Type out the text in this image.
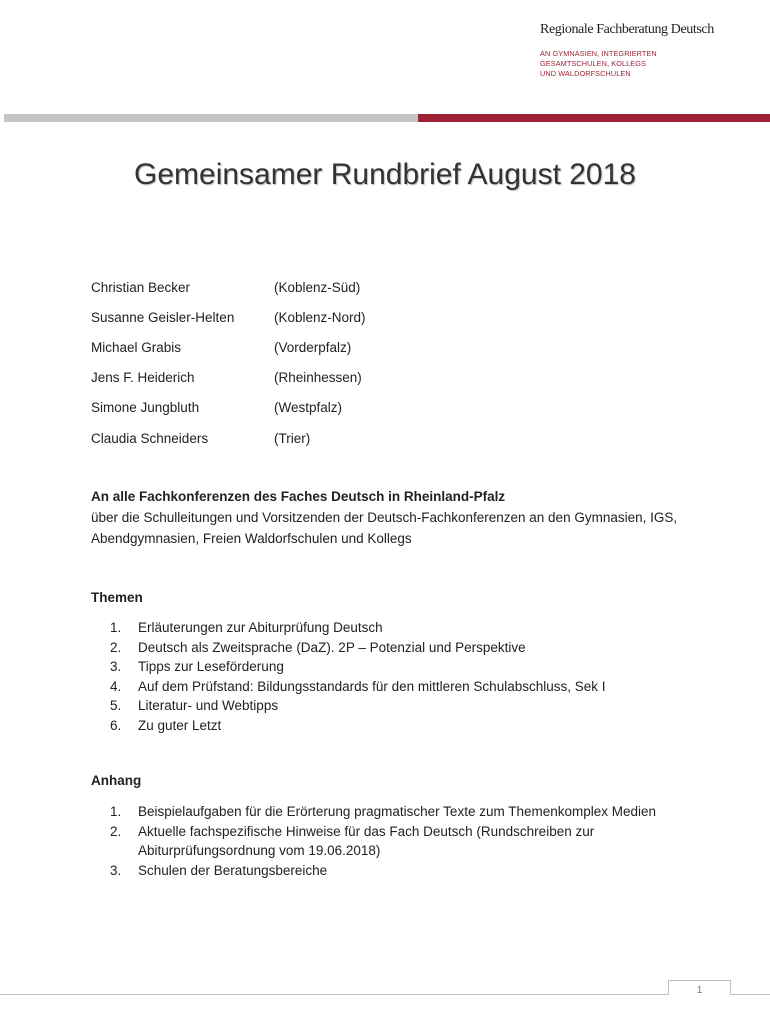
Regionale Fachberatung Deutsch
AN GYMNASIEN, INTEGRIERTEN
GESAMTSCHULEN, KOLLEGS
UND WALDORFSCHULEN
Gemeinsamer Rundbrief August 2018
Christian Becker	(Koblenz-Süd)
Susanne Geisler-Helten	(Koblenz-Nord)
Michael Grabis	(Vorderpfalz)
Jens F. Heiderich	(Rheinhessen)
Simone Jungbluth	(Westpfalz)
Claudia Schneiders	(Trier)
An alle Fachkonferenzen des Faches Deutsch in Rheinland-Pfalz
über die Schulleitungen und Vorsitzenden der Deutsch-Fachkonferenzen an den Gymnasien, IGS, Abendgymnasien, Freien Waldorfschulen und Kollegs
Themen
1.	Erläuterungen zur Abiturprüfung Deutsch
2.	Deutsch als Zweitsprache (DaZ). 2P – Potenzial und Perspektive
3.	Tipps zur Leseförderung
4.	Auf dem Prüfstand: Bildungsstandards für den mittleren Schulabschluss, Sek I
5.	Literatur- und Webtipps
6.	Zu guter Letzt
Anhang
1.	Beispielaufgaben für die Erörterung pragmatischer Texte zum Themenkomplex Medien
2.	Aktuelle fachspezifische Hinweise für das Fach Deutsch (Rundschreiben zur Abiturprüfungsordnung vom 19.06.2018)
3.	Schulen der Beratungsbereiche
1
